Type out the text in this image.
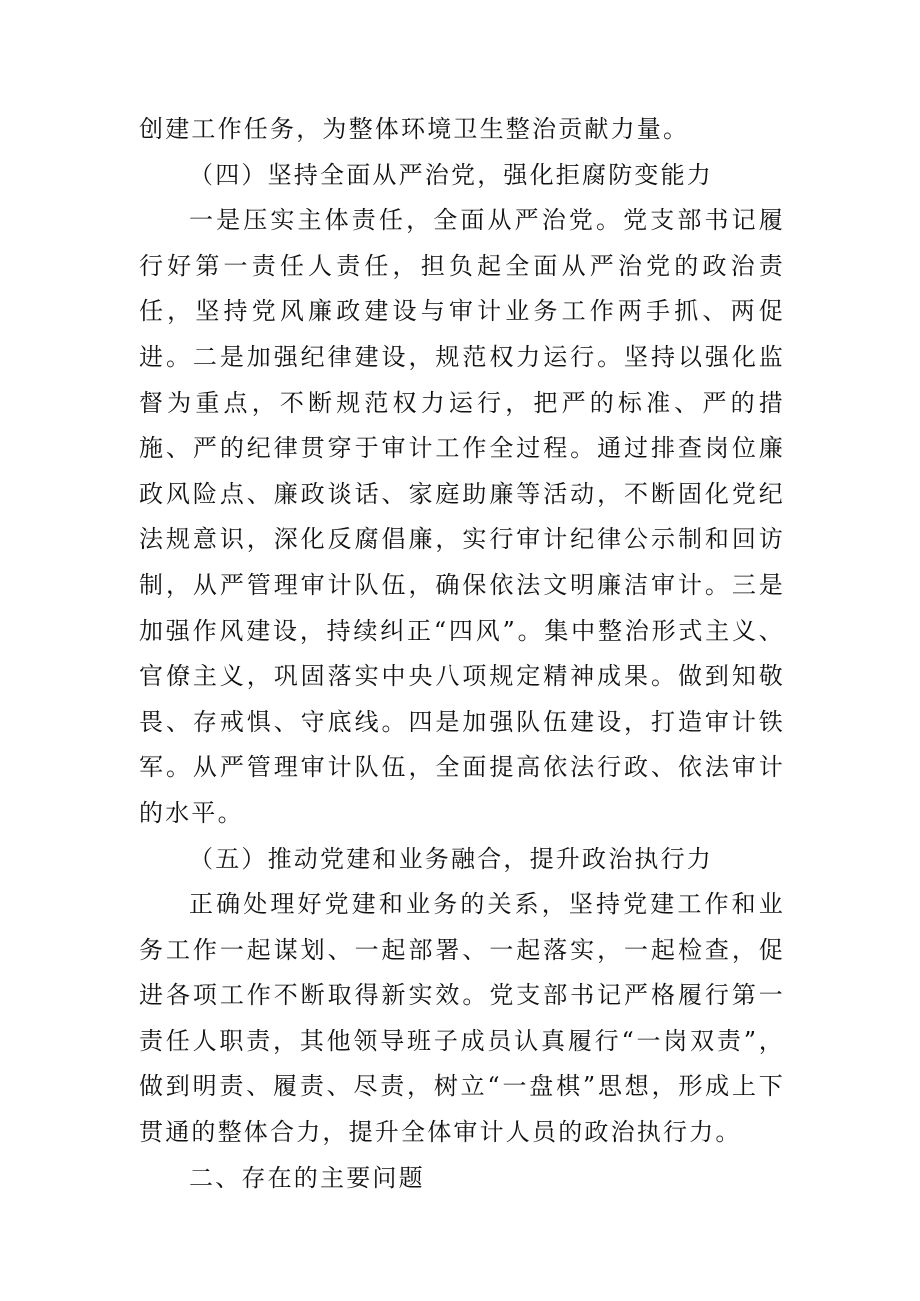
创建工作任务，为整体环境卫生整治贡献力量。

（四）坚持全面从严治党，强化拒腐防变能力

一是压实主体责任，全面从严治党。党支部书记履行好第一责任人责任，担负起全面从严治党的政治责任，坚持党风廉政建设与审计业务工作两手抓、两促进。二是加强纪律建设，规范权力运行。坚持以强化监督为重点，不断规范权力运行，把严的标准、严的措施、严的纪律贯穿于审计工作全过程。通过排查岗位廉政风险点、廉政谈话、家庭助廉等活动，不断固化党纪法规意识，深化反腐倡廉，实行审计纪律公示制和回访制，从严管理审计队伍，确保依法文明廉洁审计。三是加强作风建设，持续纠正“四风”。集中整治形式主义、官僚主义，巩固落实中央八项规定精神成果。做到知敬畏、存戒惧、守底线。四是加强队伍建设，打造审计铁军。从严管理审计队伍，全面提高依法行政、依法审计的水平。

（五）推动党建和业务融合，提升政治执行力

正确处理好党建和业务的关系，坚持党建工作和业务工作一起谋划、一起部署、一起落实，一起检查，促进各项工作不断取得新实效。党支部书记严格履行第一责任人职责，其他领导班子成员认真履行“一岗双责”，做到明责、履责、尽责，树立“一盘棋”思想，形成上下贯通的整体合力，提升全体审计人员的政治执行力。

二、存在的主要问题
